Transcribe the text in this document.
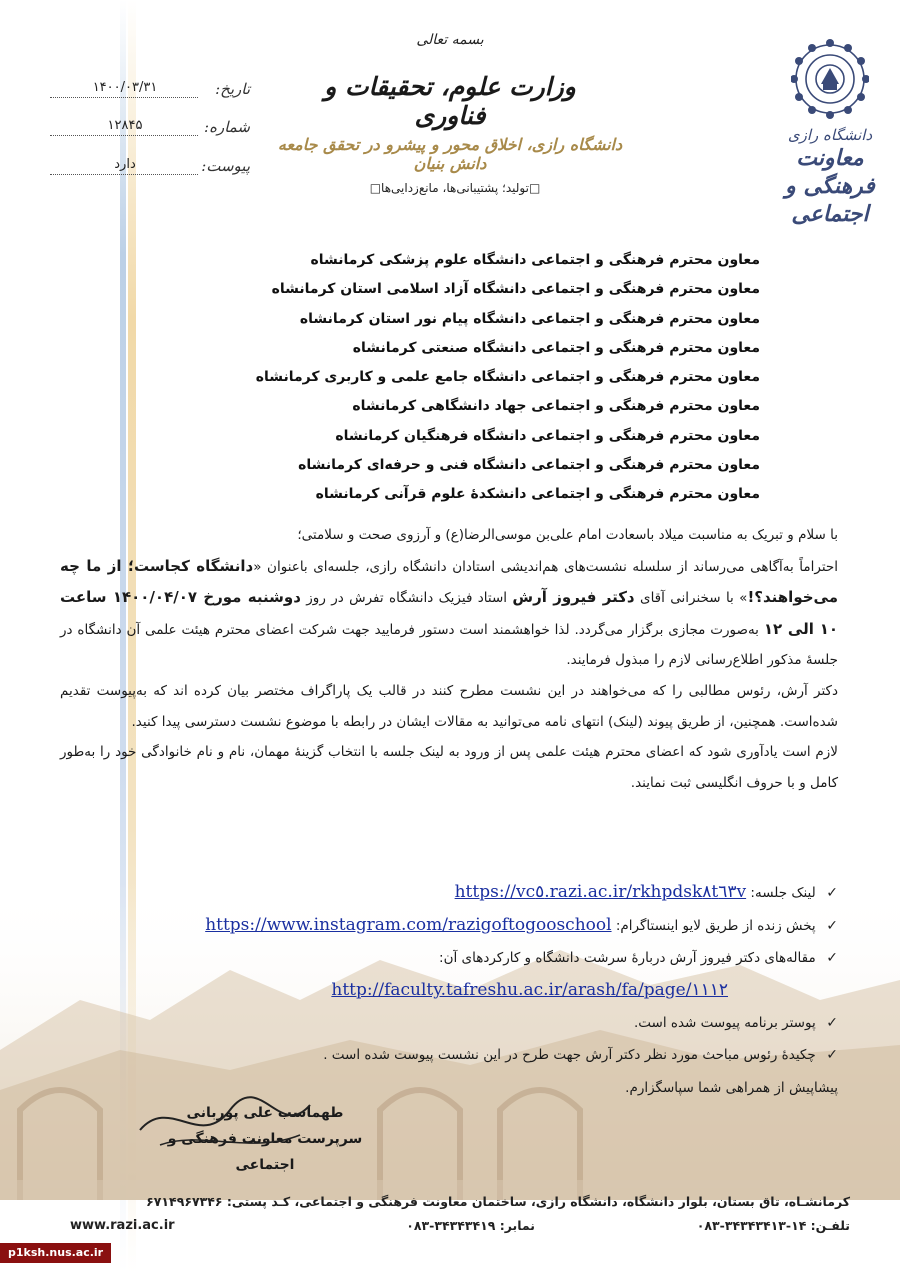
دانشگاه رازی
معاونت
فرهنگی و اجتماعی
بسمه تعالی
وزارت علوم، تحقیقات و فناوری
دانشگاه رازی، اخلاق محور و پیشرو در تحقق جامعه دانش بنیان
□تولید؛ پشتیبانی‌ها، مانع‌زدایی‌ها□
تاریخ:
۱۴۰۰/۰۳/۳۱
شماره:
۱۲۸۴۵
پیوست:
دارد
معاون محترم فرهنگی و اجتماعی دانشگاه علوم پزشکی کرمانشاه
معاون محترم فرهنگی و اجتماعی دانشگاه آزاد اسلامی استان کرمانشاه
معاون محترم فرهنگی و اجتماعی دانشگاه پیام نور استان کرمانشاه
معاون محترم فرهنگی و اجتماعی دانشگاه صنعتی کرمانشاه
معاون محترم فرهنگی و اجتماعی دانشگاه جامع علمی و کاربری کرمانشاه
معاون محترم فرهنگی و اجتماعی جهاد دانشگاهی کرمانشاه
معاون محترم فرهنگی و اجتماعی دانشگاه فرهنگیان کرمانشاه
معاون محترم فرهنگی و اجتماعی دانشگاه فنی و حرفه‌ای کرمانشاه
معاون محترم فرهنگی و اجتماعی دانشکدهٔ علوم قرآنی کرمانشاه

با سلام و تبریک به مناسبت میلاد باسعادت امام علی‌بن موسی‌الرضا(ع) و آرزوی صحت و سلامتی؛

احتراماً به‌آگاهی می‌رساند از سلسله نشست‌های هم‌اندیشی استادان دانشگاه رازی، جلسه‌ای باعنوان «دانشگاه کجاست؛ از ما چه می‌خواهند؟!» با سخنرانی آقای دکتر فیروز آرش استاد فیزیک دانشگاه تفرش در روز دوشنبه مورخ ۱۴۰۰/۰۴/۰۷ ساعت ۱۰ الی ۱۲ به‌صورت مجازی برگزار می‌گردد. لذا خواهشمند است دستور فرمایید جهت شرکت اعضای محترم هیئت علمی آن دانشگاه در جلسهٔ مذکور اطلاع‌رسانی لازم را مبذول فرمایند.

دکتر آرش، رئوس مطالبی را که می‌خواهند در این نشست مطرح کنند در قالب یک پاراگراف مختصر بیان کرده اند که به‌پیوست تقدیم شده‌است. همچنین، از طریق پیوند (لینک) انتهای نامه می‌توانید به مقالات ایشان در رابطه با موضوع نشست دسترسی پیدا کنید.

لازم است یادآوری شود که اعضای محترم هیئت علمی پس از ورود به لینک جلسه با انتخاب گزینهٔ مهمان، نام و نام خانوادگی خود را به‌طور کامل و با حروف انگلیسی ثبت نمایند.

✓ لینک جلسه: https://vc٥.razi.ac.ir/rkhpdsk٨t٦٣v
✓ پخش زنده از طریق لایو اینستاگرام: https://www.instagram.com/razigoftogooschool
✓ مقاله‌های دکتر فیروز آرش دربارهٔ سرشت دانشگاه و کارکردهای آن:
http://faculty.tafreshu.ac.ir/arash/fa/page/١١١٢
✓ پوستر برنامه پیوست شده است.
✓ چکیدهٔ رئوس مباحث مورد نظر دکتر آرش جهت طرح در این نشست پیوست شده است .
پیشاپیش از همراهی شما سپاسگزارم.
طهماسب علی پوربانی
سرپرست معاونت فرهنگی و اجتماعی
کرمانشـاه، تاق بستان، بلوار دانشگاه، دانشگاه رازی، ساختمان معاونت فرهنگی و اجتماعی، کـد پستی: ۶۷۱۴۹۶۷۳۴۶
تلفـن: ۱۴-۳۴۳۴۳۴۱۳-۰۸۳
نمابر: ۳۴۳۴۳۴۱۹-۰۸۳
www.razi.ac.ir
p1ksh.nus.ac.ir
